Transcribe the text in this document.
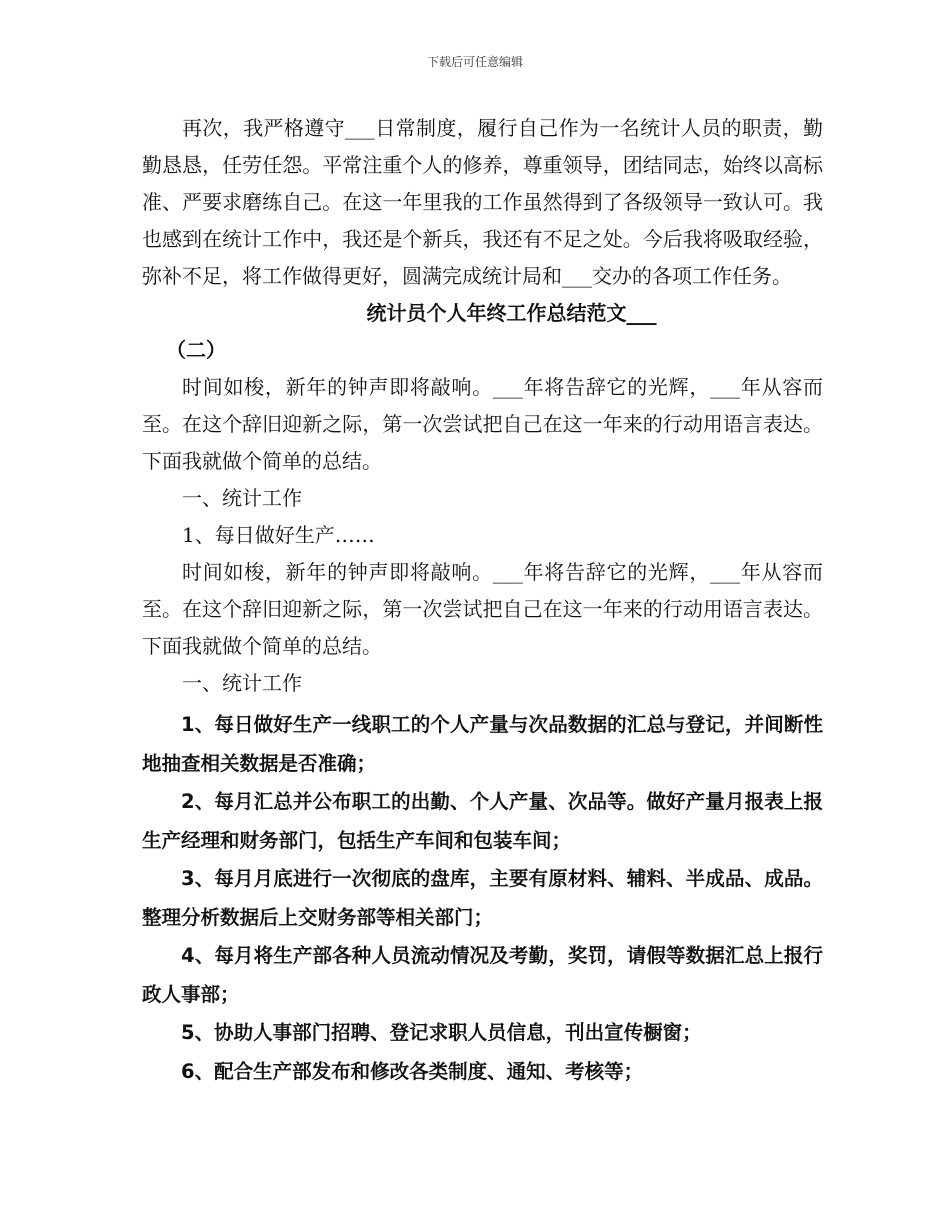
下载后可任意编辑

再次，我严格遵守___日常制度，履行自己作为一名统计人员的职责，勤勤恳恳，任劳任怨。平常注重个人的修养，尊重领导，团结同志，始终以高标准、严要求磨练自己。在这一年里我的工作虽然得到了各级领导一致认可。我也感到在统计工作中，我还是个新兵，我还有不足之处。今后我将吸取经验，弥补不足，将工作做得更好，圆满完成统计局和___交办的各项工作任务。

统计员个人年终工作总结范文___

（二）

时间如梭，新年的钟声即将敲响。___年将告辞它的光辉，___年从容而至。在这个辞旧迎新之际，第一次尝试把自己在这一年来的行动用语言表达。下面我就做个简单的总结。

一、统计工作

1、每日做好生产……

时间如梭，新年的钟声即将敲响。___年将告辞它的光辉，___年从容而至。在这个辞旧迎新之际，第一次尝试把自己在这一年来的行动用语言表达。下面我就做个简单的总结。

一、统计工作

1、每日做好生产一线职工的个人产量与次品数据的汇总与登记，并间断性地抽查相关数据是否准确；

2、每月汇总并公布职工的出勤、个人产量、次品等。做好产量月报表上报生产经理和财务部门，包括生产车间和包装车间；

3、每月月底进行一次彻底的盘库，主要有原材料、辅料、半成品、成品。整理分析数据后上交财务部等相关部门；

4、每月将生产部各种人员流动情况及考勤，奖罚，请假等数据汇总上报行政人事部；

5、协助人事部门招聘、登记求职人员信息，刊出宣传橱窗；

6、配合生产部发布和修改各类制度、通知、考核等；
